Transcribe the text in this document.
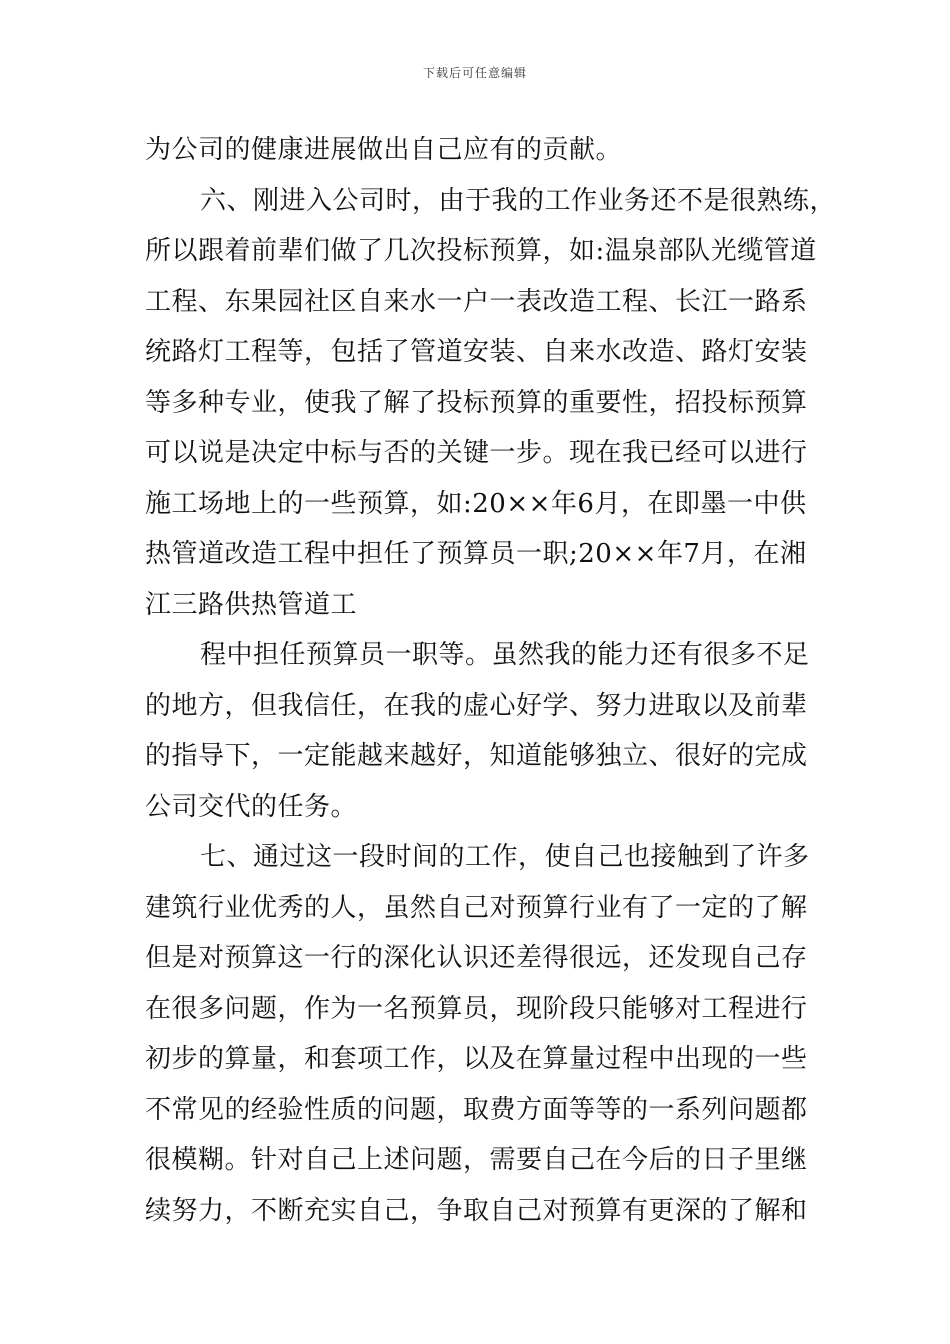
下载后可任意编辑
为公司的健康进展做出自己应有的贡献。
六、刚进入公司时，由于我的工作业务还不是很熟练，
所以跟着前辈们做了几次投标预算，如:温泉部队光缆管道
工程、东果园社区自来水一户一表改造工程、长江一路系
统路灯工程等，包括了管道安装、自来水改造、路灯安装
等多种专业，使我了解了投标预算的重要性，招投标预算
可以说是决定中标与否的关键一步。现在我已经可以进行
施工场地上的一些预算，如:20××年6月，在即墨一中供
热管道改造工程中担任了预算员一职;20××年7月，在湘
江三路供热管道工
程中担任预算员一职等。虽然我的能力还有很多不足
的地方，但我信任，在我的虚心好学、努力进取以及前辈
的指导下，一定能越来越好，知道能够独立、很好的完成
公司交代的任务。
七、通过这一段时间的工作，使自己也接触到了许多
建筑行业优秀的人，虽然自己对预算行业有了一定的了解
但是对预算这一行的深化认识还差得很远，还发现自己存
在很多问题，作为一名预算员，现阶段只能够对工程进行
初步的算量，和套项工作，以及在算量过程中出现的一些
不常见的经验性质的问题，取费方面等等的一系列问题都
很模糊。针对自己上述问题，需要自己在今后的日子里继
续努力，不断充实自己，争取自己对预算有更深的了解和
